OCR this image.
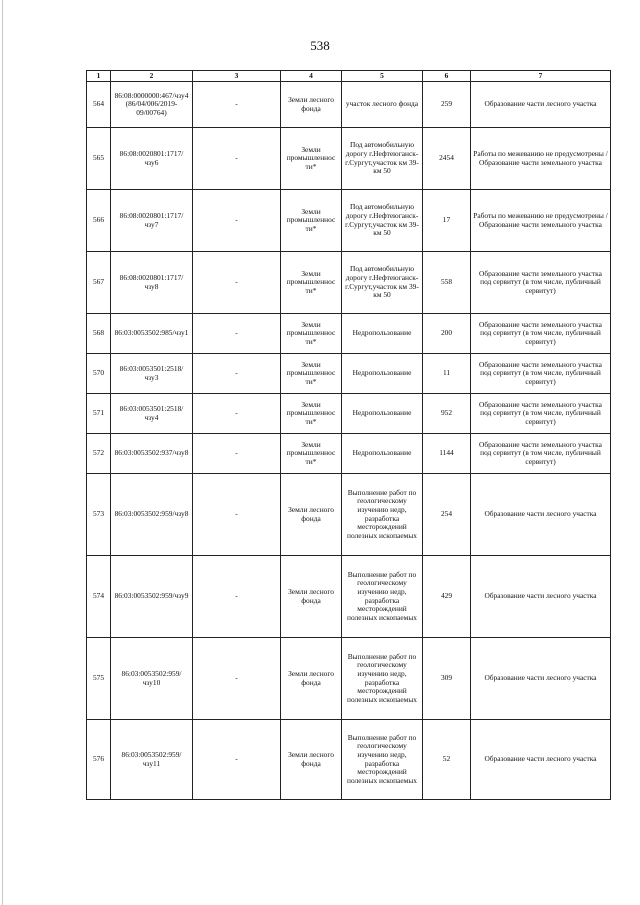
538
1	2	3	4	5	6	7
564	86:08:0000000:467/чзу4 (86/04/006/2019-09/00764)	-	Земли лесного фонда	участок лесного фонда	259	Образование части лесного участка
565	86:08:0020801:1717/чзу6	-	Земли промышленнос ти*	Под автомобильную дорогу г.Нефтеюганск-г.Сургут,участок км 39-км 50	2454	Работы по межеванию не предусмотрены / Образование части земельного участка
566	86:08:0020801:1717/чзу7	-	Земли промышленнос ти*	Под автомобильную дорогу г.Нефтеюганск-г.Сургут,участок км 39-км 50	17	Работы по межеванию не предусмотрены / Образование части земельного участка
567	86:08:0020801:1717/чзу8	-	Земли промышленнос ти*	Под автомобильную дорогу г.Нефтеюганск-г.Сургут,участок км 39-км 50	558	Образование части земельного участка под сервитут (в том числе, публичный сервитут)
568	86:03:0053502:985/чзу1	-	Земли промышленнос ти*	Недропользование	200	Образование части земельного участка под сервитут (в том числе, публичный сервитут)
570	86:03:0053501:2518/чзу3	-	Земли промышленнос ти*	Недропользование	11	Образование части земельного участка под сервитут (в том числе, публичный сервитут)
571	86:03:0053501:2518/чзу4	-	Земли промышленнос ти*	Недропользование	952	Образование части земельного участка под сервитут (в том числе, публичный сервитут)
572	86:03:0053502:937/чзу8	-	Земли промышленнос ти*	Недропользование	1144	Образование части земельного участка под сервитут (в том числе, публичный сервитут)
573	86:03:0053502:959/чзу8	-	Земли лесного фонда	Выполнение работ по геологическому изучению недр, разработка месторождений полезных ископаемых	254	Образование части лесного участка
574	86:03:0053502:959/чзу9	-	Земли лесного фонда	Выполнение работ по геологическому изучению недр, разработка месторождений полезных ископаемых	429	Образование части лесного участка
575	86:03:0053502:959/чзу10	-	Земли лесного фонда	Выполнение работ по геологическому изучению недр, разработка месторождений полезных ископаемых	309	Образование части лесного участка
576	86:03:0053502:959/чзу11	-	Земли лесного фонда	Выполнение работ по геологическому изучению недр, разработка месторождений полезных ископаемых	52	Образование части лесного участка
